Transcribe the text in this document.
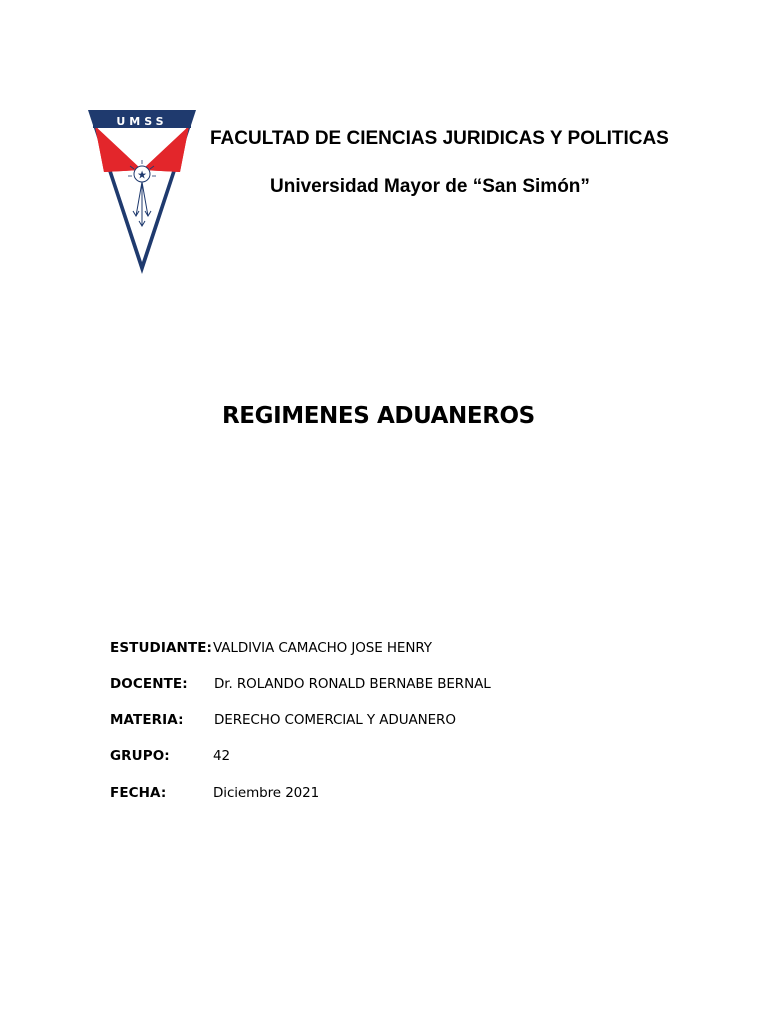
UMSS
★
FACULTAD DE CIENCIAS JURIDICAS Y POLITICAS
Universidad Mayor de “San Simón”
REGIMENES ADUANEROS
ESTUDIANTE: VALDIVIA CAMACHO JOSE HENRY
DOCENTE: Dr. ROLANDO RONALD BERNABE BERNAL
MATERIA: DERECHO COMERCIAL Y ADUANERO
GRUPO:	42
FECHA:	Diciembre 2021
